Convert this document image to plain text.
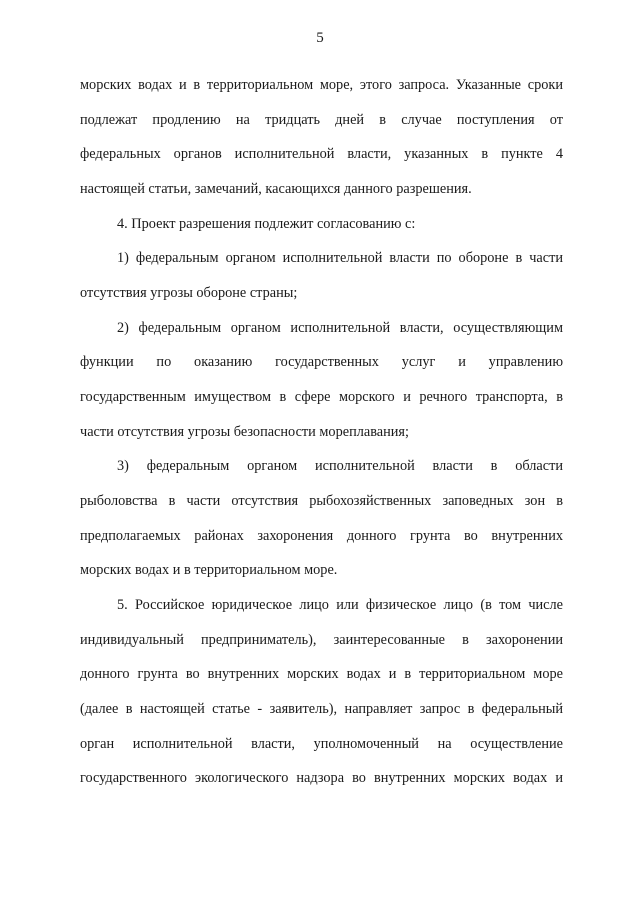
5
морских водах и в территориальном море, этого запроса. Указанные сроки
подлежат продлению на тридцать дней в случае поступления от
федеральных органов исполнительной власти, указанных в пункте 4
настоящей статьи, замечаний, касающихся данного разрешения.
4. Проект разрешения подлежит согласованию с:
1) федеральным органом исполнительной власти по обороне в части
отсутствия угрозы обороне страны;
2) федеральным органом исполнительной власти, осуществляющим
функции по оказанию государственных услуг и управлению
государственным имуществом в сфере морского и речного транспорта, в
части отсутствия угрозы безопасности мореплавания;
3) федеральным органом исполнительной власти в области
рыболовства в части отсутствия рыбохозяйственных заповедных зон в
предполагаемых районах захоронения донного грунта во внутренних
морских водах и в территориальном море.
5. Российское юридическое лицо или физическое лицо (в том числе
индивидуальный предприниматель), заинтересованные в захоронении
донного грунта во внутренних морских водах и в территориальном море
(далее в настоящей статье - заявитель), направляет запрос в федеральный
орган исполнительной власти, уполномоченный на осуществление
государственного экологического надзора во внутренних морских водах и
